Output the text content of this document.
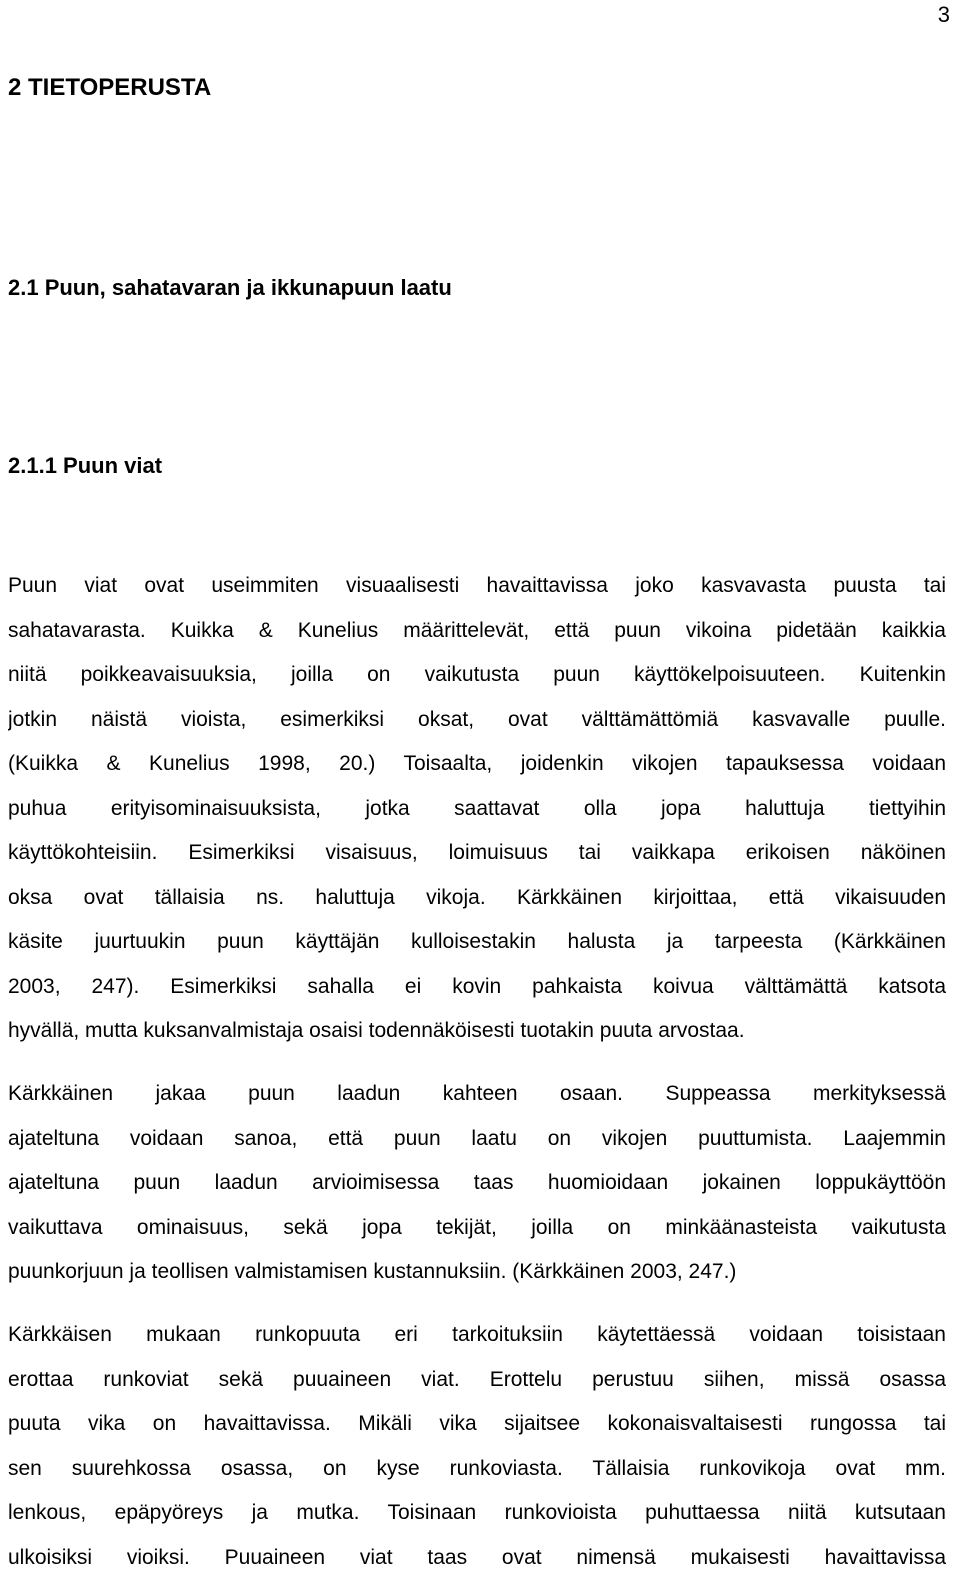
3
2 TIETOPERUSTA
2.1 Puun, sahatavaran ja ikkunapuun laatu
2.1.1 Puun viat
Puun viat ovat useimmiten visuaalisesti havaittavissa joko kasvavasta puusta tai
sahatavarasta. Kuikka & Kunelius määrittelevät, että puun vikoina pidetään kaikkia
niitä poikkeavaisuuksia, joilla on vaikutusta puun käyttökelpoisuuteen. Kuitenkin
jotkin näistä vioista, esimerkiksi oksat, ovat välttämättömiä kasvavalle puulle.
(Kuikka & Kunelius 1998, 20.) Toisaalta, joidenkin vikojen tapauksessa voidaan
puhua erityisominaisuuksista, jotka saattavat olla jopa haluttuja tiettyihin
käyttökohteisiin. Esimerkiksi visaisuus, loimuisuus tai vaikkapa erikoisen näköinen
oksa ovat tällaisia ns. haluttuja vikoja. Kärkkäinen kirjoittaa, että vikaisuuden
käsite juurtuukin puun käyttäjän kulloisestakin halusta ja tarpeesta (Kärkkäinen
2003, 247). Esimerkiksi sahalla ei kovin pahkaista koivua välttämättä katsota
hyvällä, mutta kuksanvalmistaja osaisi todennäköisesti tuotakin puuta arvostaa.
Kärkkäinen jakaa puun laadun kahteen osaan. Suppeassa merkityksessä
ajateltuna voidaan sanoa, että puun laatu on vikojen puuttumista. Laajemmin
ajateltuna puun laadun arvioimisessa taas huomioidaan jokainen loppukäyttöön
vaikuttava ominaisuus, sekä jopa tekijät, joilla on minkäänasteista vaikutusta
puunkorjuun ja teollisen valmistamisen kustannuksiin. (Kärkkäinen 2003, 247.)
Kärkkäisen mukaan runkopuuta eri tarkoituksiin käytettäessä voidaan toisistaan
erottaa runkoviat sekä puuaineen viat. Erottelu perustuu siihen, missä osassa
puuta vika on havaittavissa. Mikäli vika sijaitsee kokonaisvaltaisesti rungossa tai
sen suurehkossa osassa, on kyse runkoviasta. Tällaisia runkovikoja ovat mm.
lenkous, epäpyöreys ja mutka. Toisinaan runkovioista puhuttaessa niitä kutsutaan
ulkoisiksi vioiksi. Puuaineen viat taas ovat nimensä mukaisesti havaittavissa
